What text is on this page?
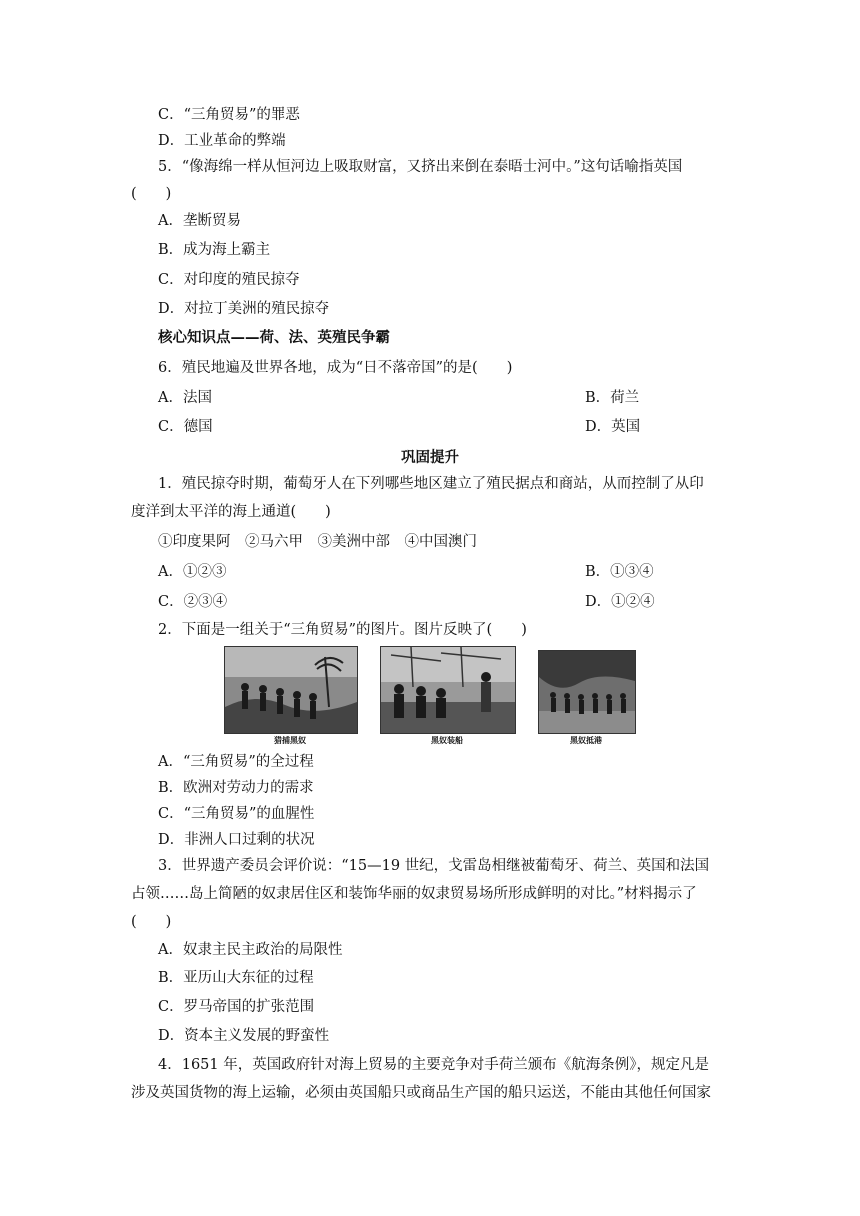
C．“三角贸易”的罪恶
D．工业革命的弊端
5．“像海绵一样从恒河边上吸取财富，又挤出来倒在泰晤士河中。”这句话喻指英国
(　　)
A．垄断贸易
B．成为海上霸主
C．对印度的殖民掠夺
D．对拉丁美洲的殖民掠夺
核心知识点——荷、法、英殖民争霸
6．殖民地遍及世界各地，成为“日不落帝国”的是(　　)
A．法国	B．荷兰
C．德国	D．英国
巩固提升
1．殖民掠夺时期，葡萄牙人在下列哪些地区建立了殖民据点和商站，从而控制了从印
度洋到太平洋的海上通道(　　)
①印度果阿　②马六甲　③美洲中部　④中国澳门
A．①②③	B．①③④
C．②③④	D．①②④
2．下面是一组关于“三角贸易”的图片。图片反映了(　　)
猎捕黑奴	黑奴装船	黑奴抵港
A．“三角贸易”的全过程
B．欧洲对劳动力的需求
C．“三角贸易”的血腥性
D．非洲人口过剩的状况
3．世界遗产委员会评价说：“15—19 世纪，戈雷岛相继被葡萄牙、荷兰、英国和法国
占领……岛上简陋的奴隶居住区和装饰华丽的奴隶贸易场所形成鲜明的对比。”材料揭示了
(　　)
A．奴隶主民主政治的局限性
B．亚历山大东征的过程
C．罗马帝国的扩张范围
D．资本主义发展的野蛮性
4．1651 年，英国政府针对海上贸易的主要竞争对手荷兰颁布《航海条例》，规定凡是
涉及英国货物的海上运输，必须由英国船只或商品生产国的船只运送，不能由其他任何国家
